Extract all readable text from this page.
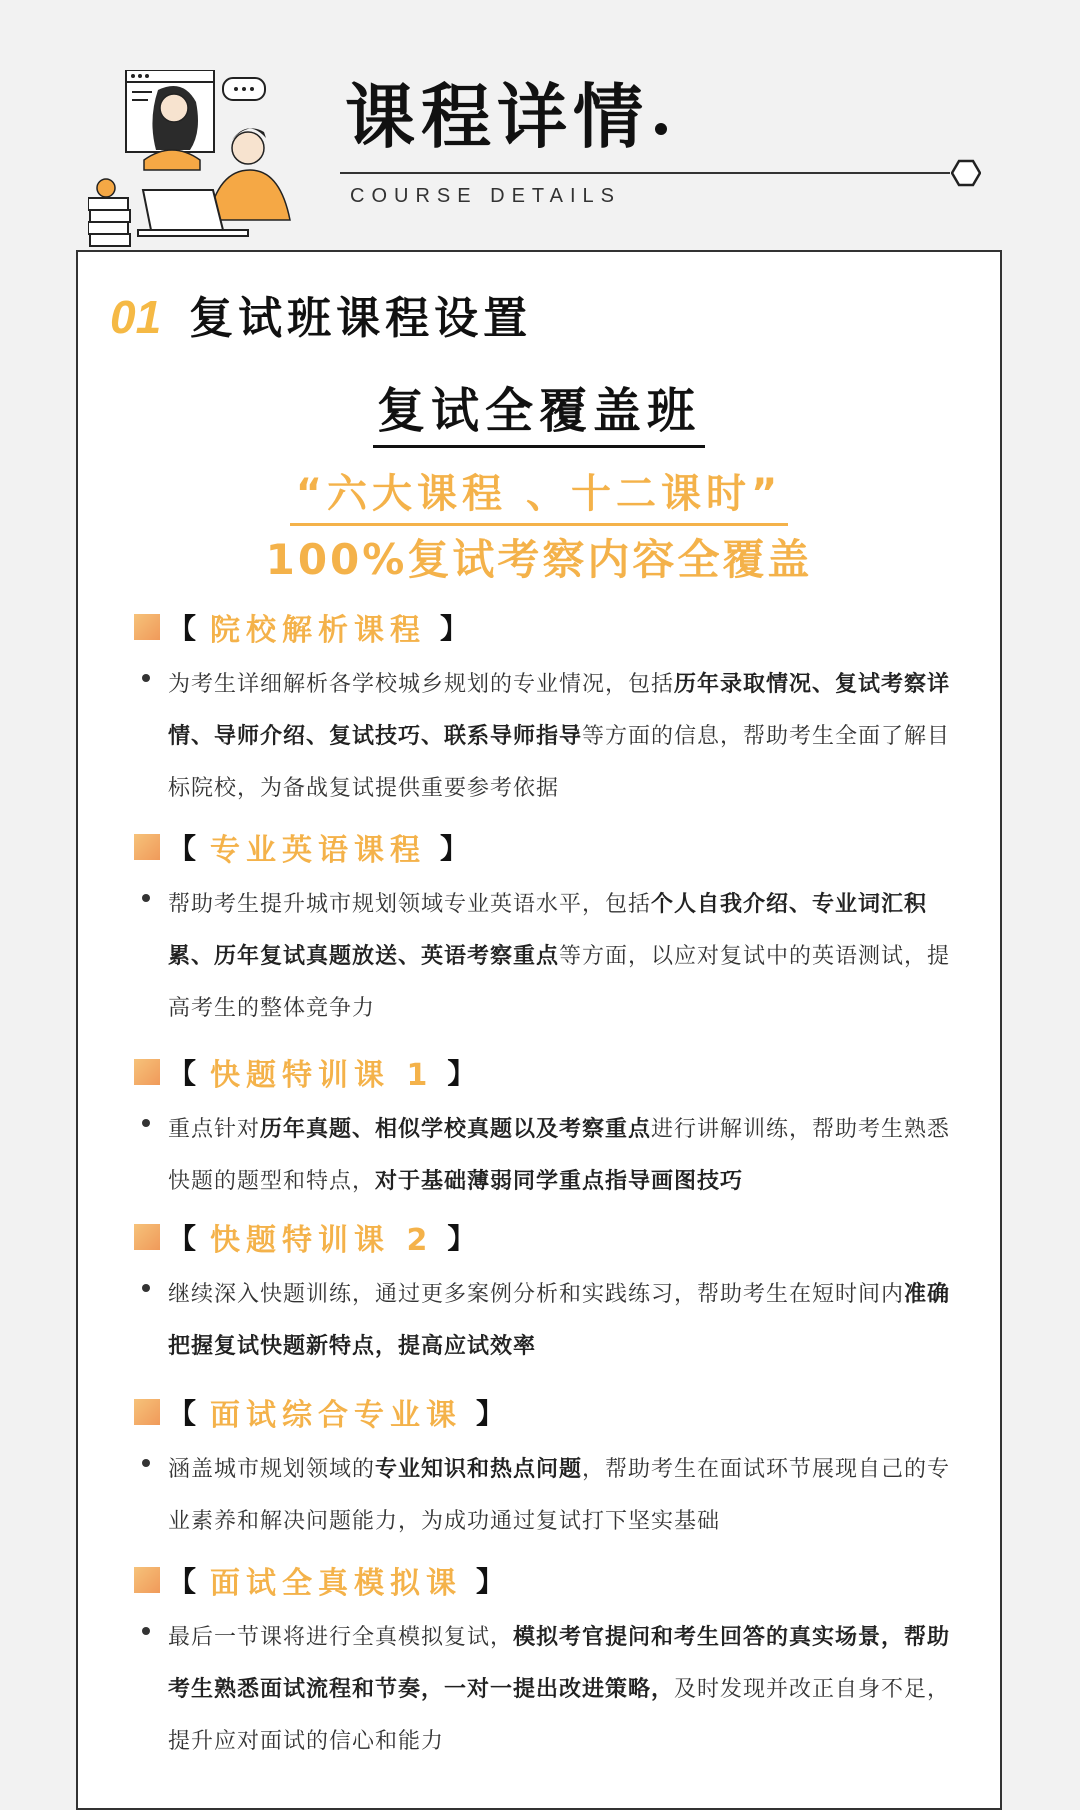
课程详情
COURSE DETAILS
01 复试班课程设置
复试全覆盖班
“六大课程 、十二课时”
100%复试考察内容全覆盖
【 院校解析课程 】
为考生详细解析各学校城乡规划的专业情况，包括历年录取情况、复试考察详情、导师介绍、复试技巧、联系导师指导等方面的信息，帮助考生全面了解目标院校，为备战复试提供重要参考依据
【 专业英语课程 】
帮助考生提升城市规划领域专业英语水平，包括个人自我介绍、专业词汇积累、历年复试真题放送、英语考察重点等方面，以应对复试中的英语测试，提高考生的整体竞争力
【 快题特训课 1 】
重点针对历年真题、相似学校真题以及考察重点进行讲解训练，帮助考生熟悉快题的题型和特点，对于基础薄弱同学重点指导画图技巧
【 快题特训课 2 】
继续深入快题训练，通过更多案例分析和实践练习，帮助考生在短时间内准确把握复试快题新特点，提高应试效率
【 面试综合专业课 】
涵盖城市规划领域的专业知识和热点问题，帮助考生在面试环节展现自己的专业素养和解决问题能力，为成功通过复试打下坚实基础
【 面试全真模拟课 】
最后一节课将进行全真模拟复试，模拟考官提问和考生回答的真实场景，帮助考生熟悉面试流程和节奏，一对一提出改进策略，及时发现并改正自身不足，提升应对面试的信心和能力
